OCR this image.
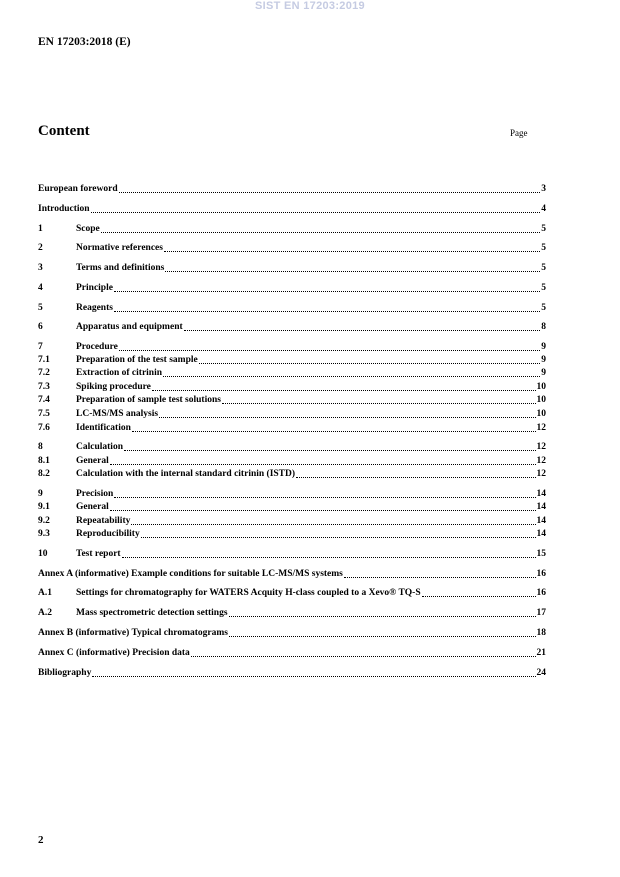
SIST EN 17203:2019
EN 17203:2018 (E)
Content	Page
European foreword	3
Introduction	4
1	Scope	5
2	Normative references	5
3	Terms and definitions	5
4	Principle	5
5	Reagents	5
6	Apparatus and equipment	8
7	Procedure	9
7.1	Preparation of the test sample	9
7.2	Extraction of citrinin	9
7.3	Spiking procedure	10
7.4	Preparation of sample test solutions	10
7.5	LC-MS/MS analysis	10
7.6	Identification	12
8	Calculation	12
8.1	General	12
8.2	Calculation with the internal standard citrinin (ISTD)	12
9	Precision	14
9.1	General	14
9.2	Repeatability	14
9.3	Reproducibility	14
10	Test report	15
Annex A (informative) Example conditions for suitable LC-MS/MS systems	16
A.1	Settings for chromatography for WATERS Acquity H-class coupled to a Xevo® TQ-S	16
A.2	Mass spectrometric detection settings	17
Annex B (informative) Typical chromatograms	18
Annex C (informative) Precision data	21
Bibliography	24
2
